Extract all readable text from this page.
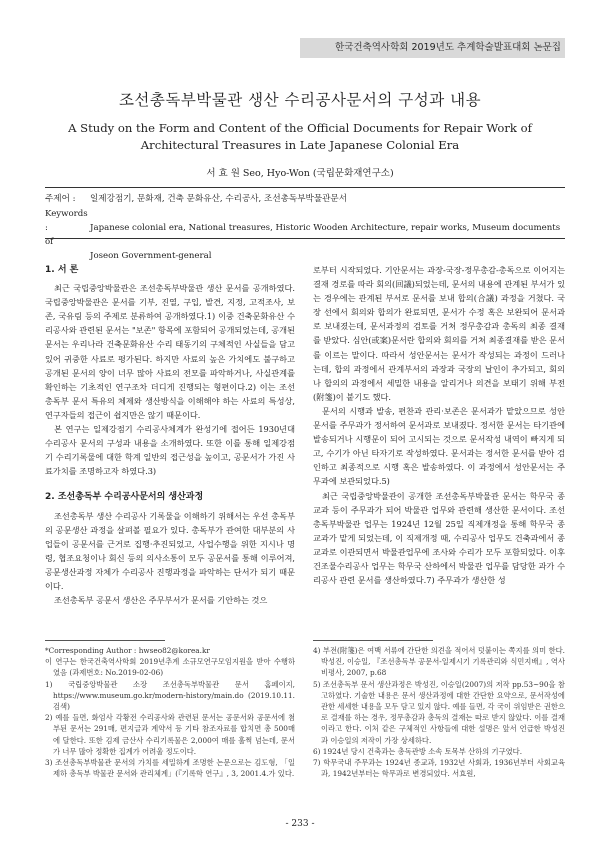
한국건축역사학회 2019년도 추계학술발표대회 논문집
조선총독부박물관 생산 수리공사문서의 구성과 내용
A Study on the Form and Content of the Official Documents for Repair Work of
Architectural Treasures in Late Japanese Colonial Era
서 효 원 Seo, Hyo-Won (국립문화재연구소)
주제어 : 일제강점기, 문화재, 건축 문화유산, 수리공사, 조선총독부박물관문서
Keywords :	Japanese colonial era, National treasures, Historic Wooden Architecture, repair works, Museum documents of
Joseon Government-general
1. 서 론

최근 국립중앙박물관은 조선총독부박물관 생산 문서를 공개하였다. 국립중앙박물관은 문서를 기부, 진열, 구입, 발견, 지정, 고적조사, 보존, 국유림 등의 주제로 분류하여 공개하였다.1) 이중 건축문화유산 수리공사와 관련된 문서는 "보존" 항목에 포함되어 공개되었는데, 공개된 문서는 우리나라 건축문화유산 수리 태동기의 구체적인 사실들을 담고 있어 귀중한 사료로 평가된다. 하지만 사료의 높은 가치에도 불구하고 공개된 문서의 양이 너무 많아 사료의 전모를 파악하거나, 사실관계를 확인하는 기초적인 연구조차 더디게 진행되는 형편이다.2) 이는 조선총독부 문서 특유의 체제와 생산방식을 이해해야 하는 사료의 특성상, 연구자들의 접근이 쉽지만은 않기 때문이다.

본 연구는 일제강점기 수리공사체계가 완성기에 접어든 1930년대 수리공사 문서의 구성과 내용을 소개하였다. 또한 이를 통해 일제강점기 수리기록물에 대한 학계 일반의 접근성을 높이고, 공문서가 가진 사료가치를 조명하고자 하였다.3)

2. 조선총독부 수리공사문서의 생산과정

조선총독부 생산 수리공사 기록물을 이해하기 위해서는 우선 총독부의 공문생산 과정을 살펴볼 필요가 있다. 총독부가 관여한 대부분의 사업들이 공문서를 근거로 집행·추진되었고, 사업수행을 위한 지시나 명령, 협조요청이나 회신 등의 의사소통이 모두 공문서를 통해 이루어져, 공문생산과정 자체가 수리공사 진행과정을 파악하는 단서가 되기 때문이다.

조선총독부 공문서 생산은 주무부서가 문서를 기안하는 것으

로부터 시작되었다. 기안문서는 과장-국장-정무총감-총독으로 이어지는 결재 경로를 따라 회의(回議)되었는데, 문서의 내용에 관계된 부서가 있는 경우에는 관계된 부서로 문서를 보내 합의(合議) 과정을 거쳤다. 국장 선에서 회의와 합의가 완료되면, 문서가 수정 혹은 보완되어 문서과로 보내졌는데, 문서과정의 검토를 거쳐 정무총감과 총독의 최종 결재를 받았다. 심안(或案)문서란 합의와 회의를 거쳐 최종결재를 받은 문서를 이르는 말이다. 따라서 성안문서는 문서가 작성되는 과정이 드러나는데, 합의 과정에서 관계부서의 과장과 국장의 날인이 추가되고, 회의나 합의의 과정에서 세밀한 내용을 알리거나 의견을 보태기 위해 부전(附箋)이 붙기도 했다.

문서의 시행과 발송, 편찬과 관리·보존은 문서과가 맡았으므로 성안 문서를 주무과가 정서하여 문서과로 보내졌다. 정서한 문서는 타기관에 발송되거나 시행문이 되어 고시되는 것으로 문서작성 내역이 빠지게 되고, 수기가 아닌 타자기로 작성하였다. 문서과는 정서한 문서를 받아 검인하고 최종적으로 시행 혹은 발송하였다. 이 과정에서 성안문서는 주무과에 보관되었다.5)

최근 국립중앙박물관이 공개한 조선총독부박물관 문서는 학무국 종교과 등이 주무과가 되어 박물관 업무와 관련해 생산한 문서이다. 조선총독부박물관 업무는 1924년 12월 25일 직제개정을 통해 학무국 종교과가 맡게 되었는데, 이 직제개정 때, 수리공사 업무도 건축과에서 종교과로 이관되면서 박물관업무에 조사와 수리가 모두 포함되었다. 이후 건조물수리공사 업무는 학무국 산하에서 박물관 업무를 담당한 과가 수리공사 관련 문서를 생산하였다.7) 주무과가 생산한 성

*Corresponding Author : hwseo82@korea.kr
이 연구는 한국건축역사학회 2019년추계 소규모연구모임지원을 받아 수행하였음 (과제번호: No.2019-02-06)
1) 국립중앙박물관 소장 조선총독부박물관 문서 홈페이지, https://www.museum.go.kr/modern-history/main.do (2019.10.11. 검색)
2) 예를 들면, 화엄사 각황전 수리공사와 관련된 문서는 공문서와 공문서에 첨부된 문서는 291매, 편지글과 계약서 등 기타 참조자료를 합치면 총 500매에 달한다. 또한 김제 금산사 수리기록물은 2,000여 매를 훌쩍 넘는데, 문서가 너무 많아 정확한 집계가 어려울 정도이다.
3) 조선총독부박물관 문서의 가치를 세밀하게 조명한 논문으로는 김도형, 「일제하 총독부 박물관 문서와 관리체계」(『기록학 연구』, 3, 2001.4.가 있다.
4) 부전(附箋)은 여백 서류에 간단한 의견을 적어서 덧붙이는 쪽지를 의미 한다. 박성진, 이승일, 『조선총독부 공문서-일제시기 기록관리와 식민지배』, 역사비평사, 2007, p.68
5) 조선총독부 문서 생산과정은 박성진, 이승일(2007)의 저작 pp.53~90을 참고하였다. 기술한 내용은 문서 생산과정에 대한 간단한 요약으로, 문서작성에 관한 세세한 내용을 모두 담고 있지 않다. 예를 들면, 각 국이 위임받은 권한으로 결재를 하는 경우, 정무총감과 총독의 결재는 따로 받지 않았다. 이를 결재이라고 한다. 이처 같은 구체적인 사항들에 대한 설명은 앞서 언급한 박성진과 이승일의 저작이 가장 상세하다.
6) 1924년 당시 건축과는 총독관방 소속 토목부 산하의 기구였다.
7) 학무국내 주무과는 1924년 종교과, 1932년 사회과, 1936년부터 사회교육과, 1942년부터는 학무과로 변경되었다. 서효원,
- 233 -
